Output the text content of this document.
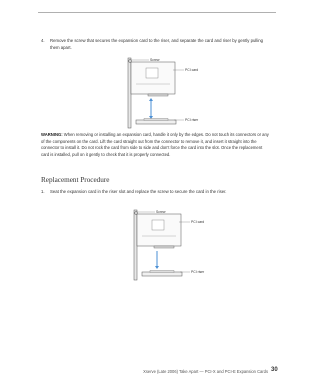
4. Remove the screw that secures the expansion card to the riser, and separate the card and riser by gently pulling them apart.
Screw
PCI card
PCI riser
WARNING: When removing or installing an expansion card, handle it only by the edges. Do not touch its connectors or any of the components on the card. Lift the card straight out from the connector to remove it, and insert it straight into the connector to install it. Do not rock the card from side to side and don't force the card into the slot. Once the replacement card is installed, pull on it gently to check that it is properly connected.
Replacement Procedure
1. Seat the expansion card in the riser slot and replace the screw to secure the card in the riser.
Screw
PCI card
PCI riser
Xserve (Late 2006) Take Apart — PCI-X and PCI-E Expansion Cards 30
